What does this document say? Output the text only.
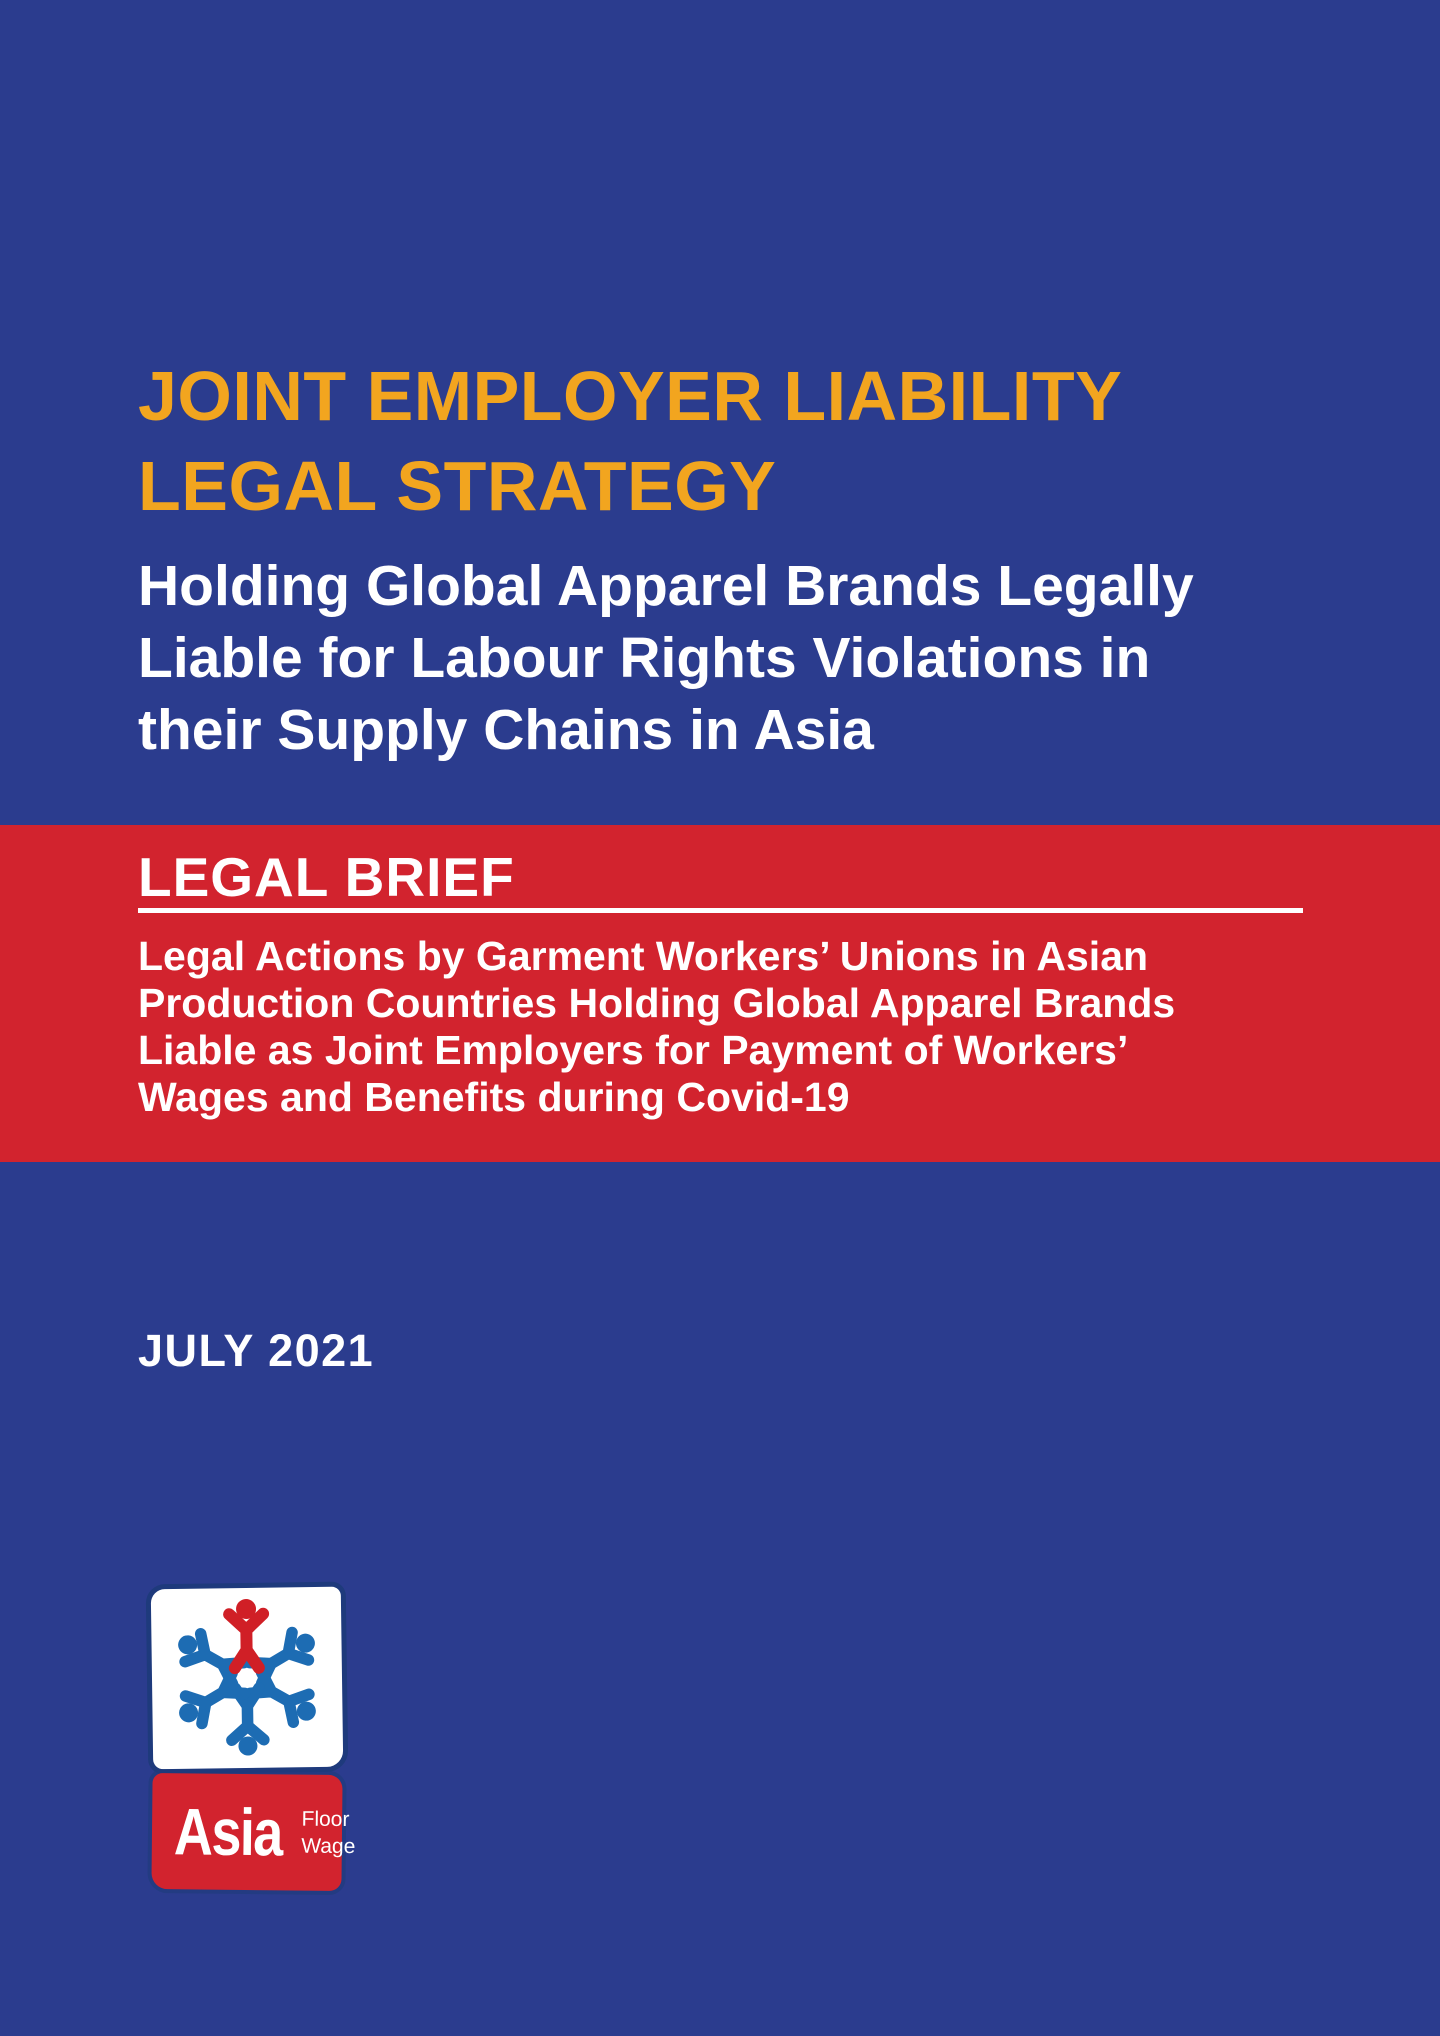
JOINT EMPLOYER LIABILITY
LEGAL STRATEGY
Holding Global Apparel Brands Legally
Liable for Labour Rights Violations in
their Supply Chains in Asia
LEGAL BRIEF
Legal Actions by Garment Workers’ Unions in Asian
Production Countries Holding Global Apparel Brands
Liable as Joint Employers for Payment of Workers’
Wages and Benefits during Covid-19
JULY 2021
Asia Floor
Wage
